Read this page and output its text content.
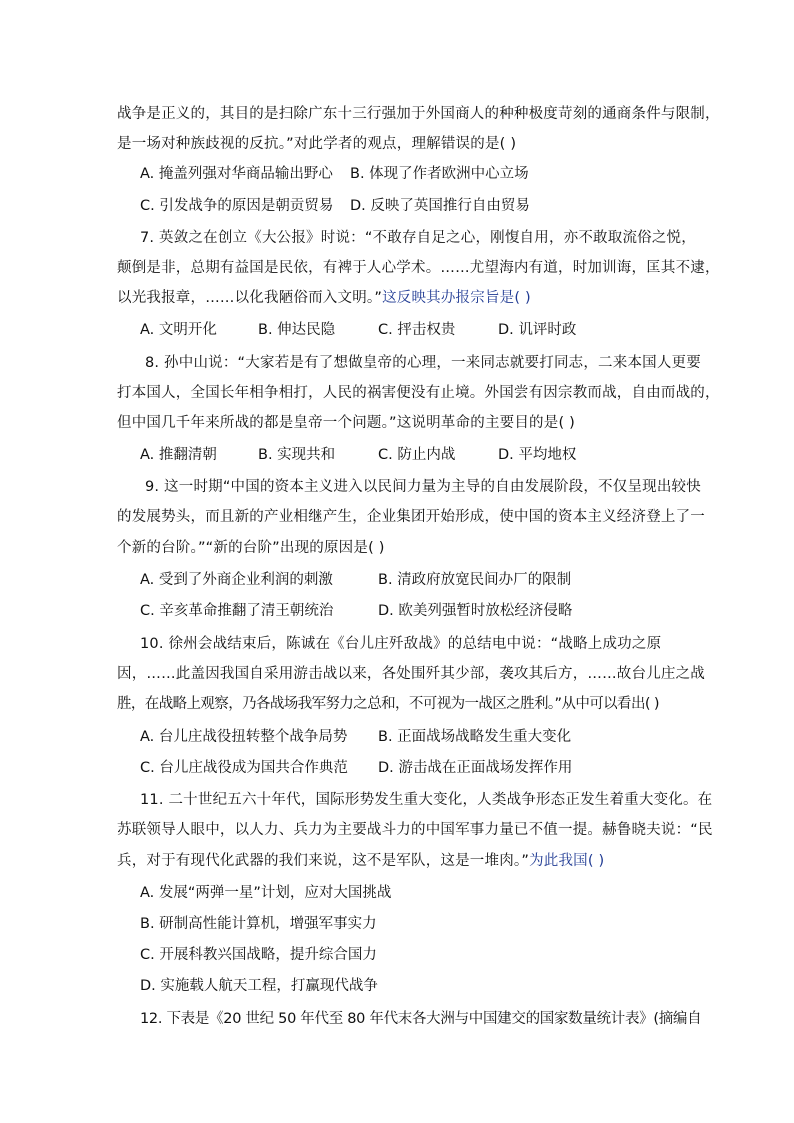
战争是正义的，其目的是扫除广东十三行强加于外国商人的种种极度苛刻的通商条件与限制，
是一场对种族歧视的反抗。”对此学者的观点，理解错误的是( )
A. 掩盖列强对华商品输出野心 B. 体现了作者欧洲中心立场
C. 引发战争的原因是朝贡贸易 D. 反映了英国推行自由贸易
7. 英敛之在创立《大公报》时说：“不敢存自足之心，刚愎自用，亦不敢取流俗之悦，
颠倒是非，总期有益国是民依，有裨于人心学术。……尤望海内有道，时加训诲，匡其不逮，
以光我报章，……以化我陋俗而入文明。”这反映其办报宗旨是( )
A. 文明开化	B. 伸达民隐	C. 抨击权贵	D. 讥评时政
8. 孙中山说：“大家若是有了想做皇帝的心理，一来同志就要打同志，二来本国人更要
打本国人，全国长年相争相打，人民的祸害便没有止境。外国尝有因宗教而战，自由而战的，
但中国几千年来所战的都是皇帝一个问题。”这说明革命的主要目的是( )
A. 推翻清朝	B. 实现共和	C. 防止内战	D. 平均地权
9. 这一时期“中国的资本主义进入以民间力量为主导的自由发展阶段，不仅呈现出较快
的发展势头，而且新的产业相继产生，企业集团开始形成，使中国的资本主义经济登上了一
个新的台阶。”“新的台阶”出现的原因是( )
A. 受到了外商企业利润的刺激	B. 清政府放宽民间办厂的限制
C. 辛亥革命推翻了清王朝统治	D. 欧美列强暂时放松经济侵略
10. 徐州会战结束后，陈诚在《台儿庄歼敌战》的总结电中说：“战略上成功之原
因，……此盖因我国自采用游击战以来，各处围歼其少部，袭攻其后方，……故台儿庄之战
胜，在战略上观察，乃各战场我军努力之总和，不可视为一战区之胜利。”从中可以看出( )
A. 台儿庄战役扭转整个战争局势 B. 正面战场战略发生重大变化
C. 台儿庄战役成为国共合作典范 D. 游击战在正面战场发挥作用
11. 二十世纪五六十年代，国际形势发生重大变化，人类战争形态正发生着重大变化。在
苏联领导人眼中，以人力、兵力为主要战斗力的中国军事力量已不值一提。赫鲁晓夫说：“民
兵，对于有现代化武器的我们来说，这不是军队，这是一堆肉。”为此我国( )
A. 发展“两弹一星”计划，应对大国挑战
B. 研制高性能计算机，增强军事实力
C. 开展科教兴国战略，提升综合国力
D. 实施载人航天工程，打赢现代战争
12. 下表是《20 世纪 50 年代至 80 年代末各大洲与中国建交的国家数量统计表》(摘编自
